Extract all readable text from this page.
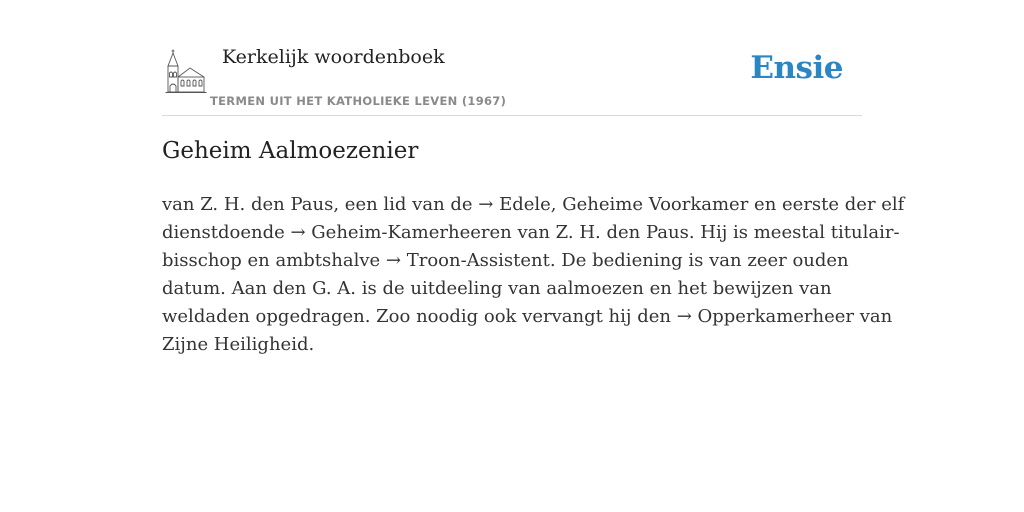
Kerkelijk woordenboek
TERMEN UIT HET KATHOLIEKE LEVEN (1967)
Ensie
Geheim Aalmoezenier

van Z. H. den Paus, een lid van de → Edele, Geheime Voorkamer en eerste der elf
dienstdoende → Geheim-Kamerheeren van Z. H. den Paus. Hij is meestal titulair-
bisschop en ambtshalve → Troon-Assistent. De bediening is van zeer ouden
datum. Aan den G. A. is de uitdeeling van aalmoezen en het bewijzen van
weldaden opgedragen. Zoo noodig ook vervangt hij den → Opperkamerheer van
Zijne Heiligheid.
